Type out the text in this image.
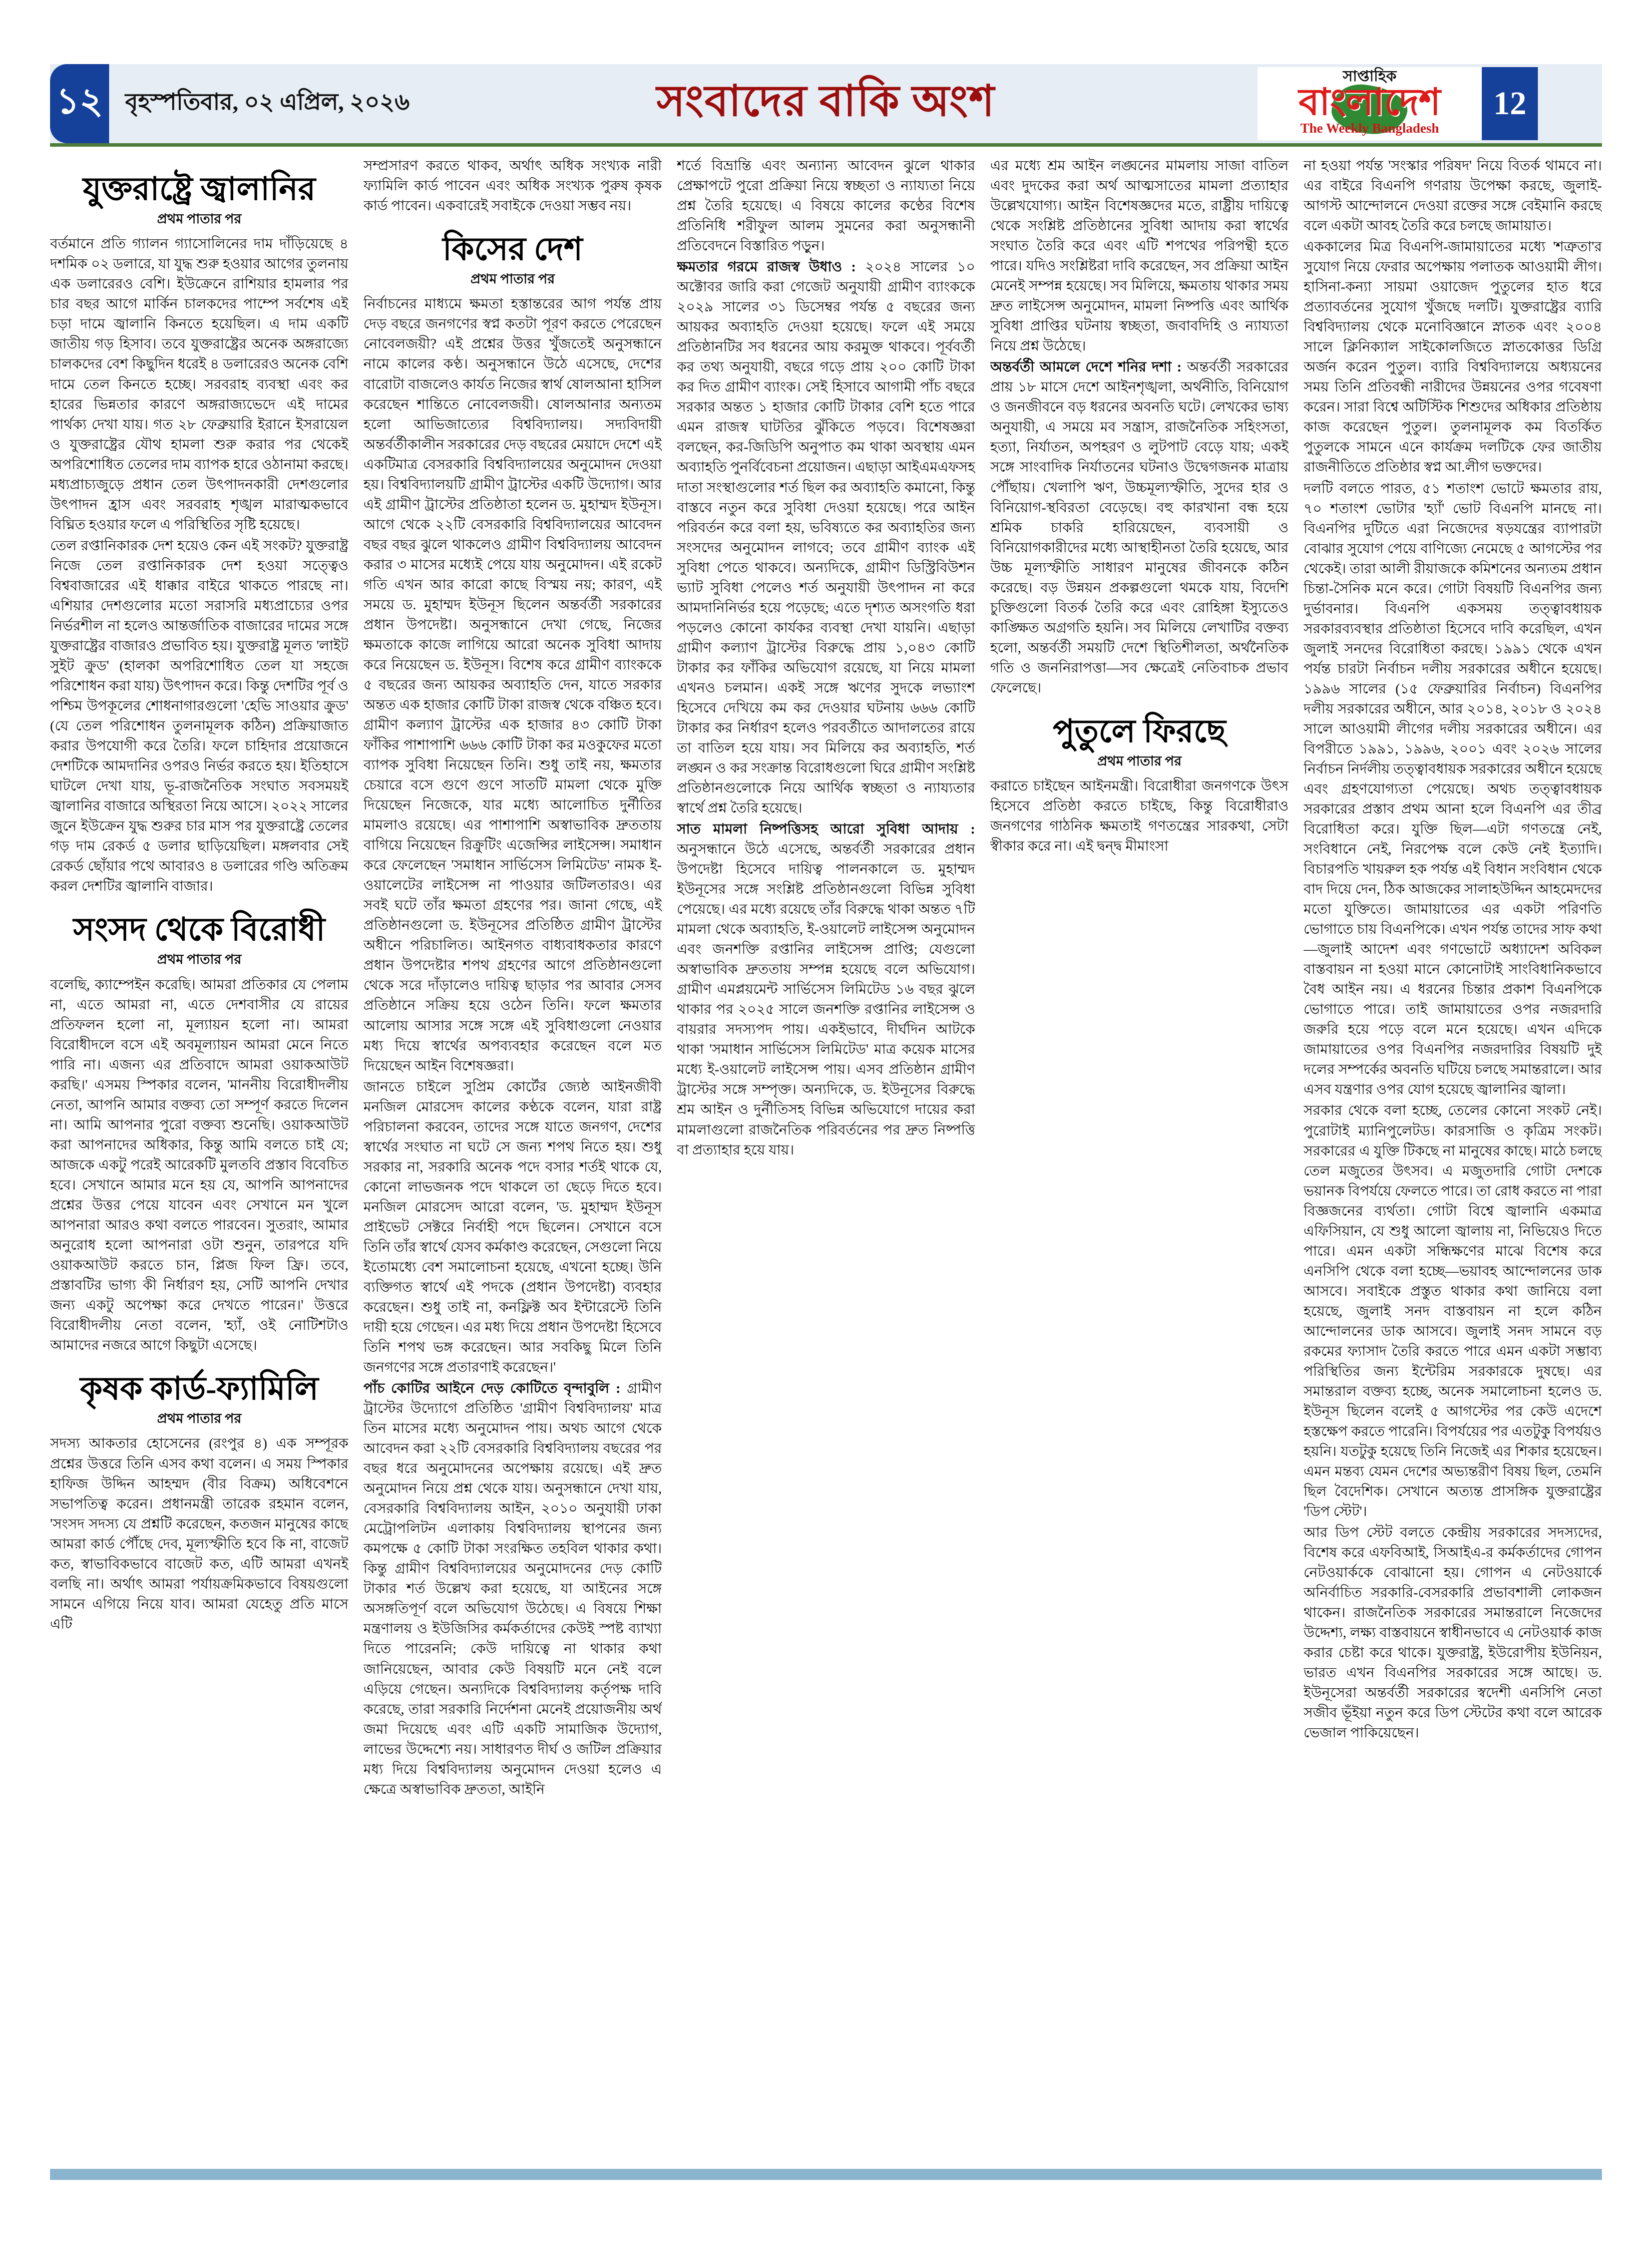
১২ বৃহস্পতিবার, ০২ এপ্রিল, ২০২৬	সংবাদের বাকি অংশ
সাপ্তাহিক
বাংলাদেশ
The Weekly Bangladesh
12
যুক্তরাষ্ট্রে জ্বালানির
প্রথম পাতার পর

বর্তমানে প্রতি গ্যালন গ্যাসোলিনের দাম দাঁড়িয়েছে ৪ দশমিক ০২ ডলারে, যা যুদ্ধ শুরু হওয়ার আগের তুলনায় এক ডলারেরও বেশি। ইউক্রেনে রাশিয়ার হামলার পর চার বছর আগে মার্কিন চালকদের পাম্পে সর্বশেষ এই চড়া দামে জ্বালানি কিনতে হয়েছিল। এ দাম একটি জাতীয় গড় হিসাব। তবে যুক্তরাষ্ট্রের অনেক অঙ্গরাজ্যে চালকদের বেশ কিছুদিন ধরেই ৪ ডলারেরও অনেক বেশি দামে তেল কিনতে হচ্ছে। সরবরাহ ব্যবস্থা এবং কর হারের ভিন্নতার কারণে অঙ্গরাজ্যভেদে এই দামের পার্থক্য দেখা যায়। গত ২৮ ফেব্রুয়ারি ইরানে ইসরায়েল ও যুক্তরাষ্ট্রের যৌথ হামলা শুরু করার পর থেকেই অপরিশোধিত তেলের দাম ব্যাপক হারে ওঠানামা করছে। মধ্যপ্রাচ্যজুড়ে প্রধান তেল উৎপাদনকারী দেশগুলোর উৎপাদন হ্রাস এবং সরবরাহ শৃঙ্খল মারাত্মকভাবে বিঘ্নিত হওয়ার ফলে এ পরিস্থিতির সৃষ্টি হয়েছে।

তেল রপ্তানিকারক দেশ হয়েও কেন এই সংকট? যুক্তরাষ্ট্র নিজে তেল রপ্তানিকারক দেশ হওয়া সত্ত্বেও বিশ্ববাজারের এই ধাক্কার বাইরে থাকতে পারছে না। এশিয়ার দেশগুলোর মতো সরাসরি মধ্যপ্রাচ্যের ওপর নির্ভরশীল না হলেও আন্তর্জাতিক বাজারের দামের সঙ্গে যুক্তরাষ্ট্রের বাজারও প্রভাবিত হয়। যুক্তরাষ্ট্র মূলত 'লাইট সুইট ক্রুড' (হালকা অপরিশোধিত তেল যা সহজে পরিশোধন করা যায়) উৎপাদন করে। কিন্তু দেশটির পূর্ব ও পশ্চিম উপকূলের শোধনাগারগুলো 'হেভি সাওয়ার ক্রুড' (যে তেল পরিশোধন তুলনামূলক কঠিন) প্রক্রিয়াজাত করার উপযোগী করে তৈরি। ফলে চাহিদার প্রয়োজনে দেশটিকে আমদানির ওপরও নির্ভর করতে হয়। ইতিহাসে ঘাটলে দেখা যায়, ভূ-রাজনৈতিক সংঘাত সবসময়ই জ্বালানির বাজারে অস্থিরতা নিয়ে আসে। ২০২২ সালের জুনে ইউক্রেন যুদ্ধ শুরুর চার মাস পর যুক্তরাষ্ট্রে তেলের গড় দাম রেকর্ড ৫ ডলার ছাড়িয়েছিল। মঙ্গলবার সেই রেকর্ড ছোঁয়ার পথে আবারও ৪ ডলারের গণ্ডি অতিক্রম করল দেশটির জ্বালানি বাজার।

সংসদ থেকে বিরোধী
প্রথম পাতার পর

বলেছি, ক্যাম্পেইন করেছি। আমরা প্রতিকার যে পেলাম না, এতে আমরা না, এতে দেশবাসীর যে রায়ের প্রতিফলন হলো না, মূল্যায়ন হলো না। আমরা বিরোধীদলে বসে এই অবমূল্যায়ন আমরা মেনে নিতে পারি না। এজন্য এর প্রতিবাদে আমরা ওয়াকআউট করছি।' এসময় স্পিকার বলেন, 'মাননীয় বিরোধীদলীয় নেতা, আপনি আমার বক্তব্য তো সম্পূর্ণ করতে দিলেন না। আমি আপনার পুরো বক্তব্য শুনেছি। ওয়াকআউট করা আপনাদের অধিকার, কিন্তু আমি বলতে চাই যে; আজকে একটু পরেই আরেকটি মুলতবি প্রস্তাব বিবেচিত হবে। সেখানে আমার মনে হয় যে, আপনি আপনাদের প্রশ্নের উত্তর পেয়ে যাবেন এবং সেখানে মন খুলে আপনারা আরও কথা বলতে পারবেন। সুতরাং, আমার অনুরোধ হলো আপনারা ওটা শুনুন, তারপরে যদি ওয়াকআউট করতে চান, প্লিজ ফিল ফ্রি। তবে, প্রস্তাবটির ভাগ্য কী নির্ধারণ হয়, সেটি আপনি দেখার জন্য একটু অপেক্ষা করে দেখতে পারেন।' উত্তরে বিরোধীদলীয় নেতা বলেন, 'হ্যাঁ, ওই নোটিশটাও আমাদের নজরে আগে কিছুটা এসেছে।

কৃষক কার্ড-ফ্যামিলি
প্রথম পাতার পর

সদস্য আকতার হোসেনের (রংপুর ৪) এক সম্পূরক প্রশ্নের উত্তরে তিনি এসব কথা বলেন। এ সময় স্পিকার হাফিজ উদ্দিন আহম্মদ (বীর বিক্রম) অধিবেশনে সভাপতিত্ব করেন। প্রধানমন্ত্রী তারেক রহমান বলেন, 'সংসদ সদস্য যে প্রশ্নটি করেছেন, কতজন মানুষের কাছে আমরা কার্ড পৌঁছে দেব, মূল্যস্ফীতি হবে কি না, বাজেট কত, স্বাভাবিকভাবে বাজেট কত, এটি আমরা এখনই বলছি না। অর্থাৎ আমরা পর্যায়ক্রমিকভাবে বিষয়গুলো সামনে এগিয়ে নিয়ে যাব। আমরা যেহেতু প্রতি মাসে এটি

সম্প্রসারণ করতে থাকব, অর্থাৎ অধিক সংখ্যক নারী ফ্যামিলি কার্ড পাবেন এবং অধিক সংখ্যক পুরুষ কৃষক কার্ড পাবেন। একবারেই সবাইকে দেওয়া সম্ভব নয়।

কিসের দেশ
প্রথম পাতার পর

নির্বাচনের মাধ্যমে ক্ষমতা হস্তান্তরের আগ পর্যন্ত প্রায় দেড় বছরে জনগণের স্বপ্ন কতটা পূরণ করতে পেরেছেন নোবেলজয়ী? এই প্রশ্নের উত্তর খুঁজতেই অনুসন্ধানে নামে কালের কণ্ঠ। অনুসন্ধানে উঠে এসেছে, দেশের বারোটা বাজলেও কার্যত নিজের স্বার্থ ষোলআনা হাসিল করেছেন শান্তিতে নোবেলজয়ী। ষোলআনার অন্যতম হলো আভিজাত্যের বিশ্ববিদ্যালয়। সদ্যবিদায়ী অন্তর্বর্তীকালীন সরকারের দেড় বছরের মেয়াদে দেশে এই একটিমাত্র বেসরকারি বিশ্ববিদ্যালয়ের অনুমোদন দেওয়া হয়। বিশ্ববিদ্যালয়টি গ্রামীণ ট্রাস্টের একটি উদ্যোগ। আর এই গ্রামীণ ট্রাস্টের প্রতিষ্ঠাতা হলেন ড. মুহাম্মদ ইউনূস। আগে থেকে ২২টি বেসরকারি বিশ্ববিদ্যালয়ের আবেদন বছর বছর ঝুলে থাকলেও গ্রামীণ বিশ্ববিদ্যালয় আবেদন করার ৩ মাসের মধ্যেই পেয়ে যায় অনুমোদন। এই রকেট গতি এখন আর কারো কাছে বিস্ময় নয়; কারণ, এই সময়ে ড. মুহাম্মদ ইউনূস ছিলেন অন্তর্বর্তী সরকারের প্রধান উপদেষ্টা। অনুসন্ধানে দেখা গেছে, নিজের ক্ষমতাকে কাজে লাগিয়ে আরো অনেক সুবিধা আদায় করে নিয়েছেন ড. ইউনূস। বিশেষ করে গ্রামীণ ব্যাংককে ৫ বছরের জন্য আয়কর অব্যাহতি দেন, যাতে সরকার অন্তত এক হাজার কোটি টাকা রাজস্ব থেকে বঞ্চিত হবে। গ্রামীণ কল্যাণ ট্রাস্টের এক হাজার ৪৩ কোটি টাকা ফাঁকির পাশাপাশি ৬৬৬ কোটি টাকা কর মওকুফের মতো ব্যাপক সুবিধা নিয়েছেন তিনি। শুধু তাই নয়, ক্ষমতার চেয়ারে বসে গুণে গুণে সাতটি মামলা থেকে মুক্তি দিয়েছেন নিজেকে, যার মধ্যে আলোচিত দুর্নীতির মামলাও রয়েছে। এর পাশাপাশি অস্বাভাবিক দ্রুততায় বাগিয়ে নিয়েছেন রিক্রুটিং এজেন্সির লাইসেন্স। সমাধান করে ফেলেছেন 'সমাধান সার্ভিসেস লিমিটেড' নামক ই-ওয়ালেটের লাইসেন্স না পাওয়ার জটিলতারও। এর সবই ঘটে তাঁর ক্ষমতা গ্রহণের পর। জানা গেছে, এই প্রতিষ্ঠানগুলো ড. ইউনূসের প্রতিষ্ঠিত গ্রামীণ ট্রাস্টের অধীনে পরিচালিত। আইনগত বাধ্যবাধকতার কারণে প্রধান উপদেষ্টার শপথ গ্রহণের আগে প্রতিষ্ঠানগুলো থেকে সরে দাঁড়ালেও দায়িত্ব ছাড়ার পর আবার সেসব প্রতিষ্ঠানে সক্রিয় হয়ে ওঠেন তিনি। ফলে ক্ষমতার আলোয় আসার সঙ্গে সঙ্গে এই সুবিধাগুলো নেওয়ার মধ্য দিয়ে স্বার্থের অপব্যবহার করেছেন বলে মত দিয়েছেন আইন বিশেষজ্ঞরা।

জানতে চাইলে সুপ্রিম কোর্টের জ্যেষ্ঠ আইনজীবী মনজিল মোরসেদ কালের কণ্ঠকে বলেন, যারা রাষ্ট্র পরিচালনা করবেন, তাদের সঙ্গে যাতে জনগণ, দেশের স্বার্থের সংঘাত না ঘটে সে জন্য শপথ নিতে হয়। শুধু সরকার না, সরকারি অনেক পদে বসার শর্তই থাকে যে, কোনো লাভজনক পদে থাকলে তা ছেড়ে দিতে হবে। মনজিল মোরসেদ আরো বলেন, 'ড. মুহাম্মদ ইউনূস প্রাইভেট সেক্টরে নির্বাহী পদে ছিলেন। সেখানে বসে তিনি তাঁর স্বার্থে যেসব কর্মকাণ্ড করেছেন, সেগুলো নিয়ে ইতোমধ্যে বেশ সমালোচনা হয়েছে, এখনো হচ্ছে। উনি ব্যক্তিগত স্বার্থে এই পদকে (প্রধান উপদেষ্টা) ব্যবহার করেছেন। শুধু তাই না, কনফ্লিক্ট অব ইন্টারেস্টে তিনি দায়ী হয়ে গেছেন। এর মধ্য দিয়ে প্রধান উপদেষ্টা হিসেবে তিনি শপথ ভঙ্গ করেছেন। আর সবকিছু মিলে তিনি জনগণের সঙ্গে প্রতারণাই করেছেন।'

পাঁচ কোটির আইনে দেড় কোটিতে বৃন্দাবুলি : গ্রামীণ ট্রাস্টের উদ্যোগে প্রতিষ্ঠিত 'গ্রামীণ বিশ্ববিদ্যালয়' মাত্র তিন মাসের মধ্যে অনুমোদন পায়। অথচ আগে থেকে আবেদন করা ২২টি বেসরকারি বিশ্ববিদ্যালয় বছরের পর বছর ধরে অনুমোদনের অপেক্ষায় রয়েছে। এই দ্রুত অনুমোদন নিয়ে প্রশ্ন থেকে যায়। অনুসন্ধানে দেখা যায়, বেসরকারি বিশ্ববিদ্যালয় আইন, ২০১০ অনুযায়ী ঢাকা মেট্রোপলিটন এলাকায় বিশ্ববিদ্যালয় স্থাপনের জন্য কমপক্ষে ৫ কোটি টাকা সংরক্ষিত তহবিল থাকার কথা। কিন্তু গ্রামীণ বিশ্ববিদ্যালয়ের অনুমোদনের দেড় কোটি টাকার শর্ত উল্লেখ করা হয়েছে, যা আইনের সঙ্গে অসঙ্গতিপূর্ণ বলে অভিযোগ উঠেছে। এ বিষয়ে শিক্ষা মন্ত্রণালয় ও ইউজিসির কর্মকর্তাদের কেউই স্পষ্ট ব্যাখ্যা দিতে পারেননি; কেউ দায়িত্বে না থাকার কথা জানিয়েছেন, আবার কেউ বিষয়টি মনে নেই বলে এড়িয়ে গেছেন। অন্যদিকে বিশ্ববিদ্যালয় কর্তৃপক্ষ দাবি করেছে, তারা সরকারি নির্দেশনা মেনেই প্রয়োজনীয় অর্থ জমা দিয়েছে এবং এটি একটি সামাজিক উদ্যোগ, লাভের উদ্দেশ্যে নয়। সাধারণত দীর্ঘ ও জটিল প্রক্রিয়ার মধ্য দিয়ে বিশ্ববিদ্যালয় অনুমোদন দেওয়া হলেও এ ক্ষেত্রে অস্বাভাবিক দ্রুততা, আইনি

শর্তে বিভ্রান্তি এবং অন্যান্য আবেদন ঝুলে থাকার প্রেক্ষাপটে পুরো প্রক্রিয়া নিয়ে স্বচ্ছতা ও ন্যায্যতা নিয়ে প্রশ্ন তৈরি হয়েছে। এ বিষয়ে কালের কণ্ঠের বিশেষ প্রতিনিধি শরীফুল আলম সুমনের করা অনুসন্ধানী প্রতিবেদনে বিস্তারিত পড়ুন।

ক্ষমতার গরমে রাজস্ব উধাও : ২০২৪ সালের ১০ অক্টোবর জারি করা গেজেট অনুযায়ী গ্রামীণ ব্যাংককে ২০২৯ সালের ৩১ ডিসেম্বর পর্যন্ত ৫ বছরের জন্য আয়কর অব্যাহতি দেওয়া হয়েছে। ফলে এই সময়ে প্রতিষ্ঠানটির সব ধরনের আয় করমুক্ত থাকবে। পূর্ববর্তী কর তথ্য অনুযায়ী, বছরে গড়ে প্রায় ২০০ কোটি টাকা কর দিত গ্রামীণ ব্যাংক। সেই হিসাবে আগামী পাঁচ বছরে সরকার অন্তত ১ হাজার কোটি টাকার বেশি হতে পারে এমন রাজস্ব ঘাটতির ঝুঁকিতে পড়বে। বিশেষজ্ঞরা বলছেন, কর-জিডিপি অনুপাত কম থাকা অবস্থায় এমন অব্যাহতি পুনর্বিবেচনা প্রয়োজন। এছাড়া আইএমএফসহ দাতা সংস্থাগুলোর শর্ত ছিল কর অব্যাহতি কমানো, কিন্তু বাস্তবে নতুন করে সুবিধা দেওয়া হয়েছে। পরে আইন পরিবর্তন করে বলা হয়, ভবিষ্যতে কর অব্যাহতির জন্য সংসদের অনুমোদন লাগবে; তবে গ্রামীণ ব্যাংক এই সুবিধা পেতে থাকবে। অন্যদিকে, গ্রামীণ ডিস্ট্রিবিউশন ভ্যাট সুবিধা পেলেও শর্ত অনুযায়ী উৎপাদন না করে আমদানিনির্ভর হয়ে পড়েছে; এতে দৃশ্যত অসংগতি ধরা পড়লেও কোনো কার্যকর ব্যবস্থা দেখা যায়নি। এছাড়া গ্রামীণ কল্যাণ ট্রাস্টের বিরুদ্ধে প্রায় ১,০৪৩ কোটি টাকার কর ফাঁকির অভিযোগ রয়েছে, যা নিয়ে মামলা এখনও চলমান। একই সঙ্গে ঋণের সুদকে লভ্যাংশ হিসেবে দেখিয়ে কম কর দেওয়ার ঘটনায় ৬৬৬ কোটি টাকার কর নির্ধারণ হলেও পরবর্তীতে আদালতের রায়ে তা বাতিল হয়ে যায়। সব মিলিয়ে কর অব্যাহতি, শর্ত লঙ্ঘন ও কর সংক্রান্ত বিরোধগুলো ঘিরে গ্রামীণ সংশ্লিষ্ট প্রতিষ্ঠানগুলোকে নিয়ে আর্থিক স্বচ্ছতা ও ন্যায্যতার স্বার্থে প্রশ্ন তৈরি হয়েছে।

সাত মামলা নিষ্পত্তিসহ আরো সুবিধা আদায় : অনুসন্ধানে উঠে এসেছে, অন্তর্বর্তী সরকারের প্রধান উপদেষ্টা হিসেবে দায়িত্ব পালনকালে ড. মুহাম্মদ ইউনূসের সঙ্গে সংশ্লিষ্ট প্রতিষ্ঠানগুলো বিভিন্ন সুবিধা পেয়েছে। এর মধ্যে রয়েছে তাঁর বিরুদ্ধে থাকা অন্তত ৭টি মামলা থেকে অব্যাহতি, ই-ওয়ালেট লাইসেন্স অনুমোদন এবং জনশক্তি রপ্তানির লাইসেন্স প্রাপ্তি; যেগুলো অস্বাভাবিক দ্রুততায় সম্পন্ন হয়েছে বলে অভিযোগ। গ্রামীণ এমপ্লয়মেন্ট সার্ভিসেস লিমিটেড ১৬ বছর ঝুলে থাকার পর ২০২৫ সালে জনশক্তি রপ্তানির লাইসেন্স ও বায়রার সদস্যপদ পায়। একইভাবে, দীর্ঘদিন আটকে থাকা 'সমাধান সার্ভিসেস লিমিটেড' মাত্র কয়েক মাসের মধ্যে ই-ওয়ালেট লাইসেন্স পায়। এসব প্রতিষ্ঠান গ্রামীণ ট্রাস্টের সঙ্গে সম্পৃক্ত। অন্যদিকে, ড. ইউনূসের বিরুদ্ধে শ্রম আইন ও দুর্নীতিসহ বিভিন্ন অভিযোগে দায়ের করা মামলাগুলো রাজনৈতিক পরিবর্তনের পর দ্রুত নিষ্পত্তি বা প্রত্যাহার হয়ে যায়।

এর মধ্যে শ্রম আইন লঙ্ঘনের মামলায় সাজা বাতিল এবং দুদকের করা অর্থ আত্মসাতের মামলা প্রত্যাহার উল্লেখযোগ্য। আইন বিশেষজ্ঞদের মতে, রাষ্ট্রীয় দায়িত্বে থেকে সংশ্লিষ্ট প্রতিষ্ঠানের সুবিধা আদায় করা স্বার্থের সংঘাত তৈরি করে এবং এটি শপথের পরিপন্থী হতে পারে। যদিও সংশ্লিষ্টরা দাবি করেছেন, সব প্রক্রিয়া আইন মেনেই সম্পন্ন হয়েছে। সব মিলিয়ে, ক্ষমতায় থাকার সময় দ্রুত লাইসেন্স অনুমোদন, মামলা নিষ্পত্তি এবং আর্থিক সুবিধা প্রাপ্তির ঘটনায় স্বচ্ছতা, জবাবদিহি ও ন্যায্যতা নিয়ে প্রশ্ন উঠেছে।

অন্তর্বর্তী আমলে দেশে শনির দশা : অন্তর্বর্তী সরকারের প্রায় ১৮ মাসে দেশে আইনশৃঙ্খলা, অর্থনীতি, বিনিয়োগ ও জনজীবনে বড় ধরনের অবনতি ঘটে। লেখকের ভাষ্য অনুযায়ী, এ সময়ে মব সন্ত্রাস, রাজনৈতিক সহিংসতা, হত্যা, নির্যাতন, অপহরণ ও লুটপাট বেড়ে যায়; একই সঙ্গে সাংবাদিক নির্যাতনের ঘটনাও উদ্বেগজনক মাত্রায় পৌঁছায়। খেলাপি ঋণ, উচ্চমূল্যস্ফীতি, সুদের হার ও বিনিয়োগ-স্থবিরতা বেড়েছে। বহু কারখানা বন্ধ হয়ে শ্রমিক চাকরি হারিয়েছেন, ব্যবসায়ী ও বিনিয়োগকারীদের মধ্যে আস্থাহীনতা তৈরি হয়েছে, আর উচ্চ মূল্যস্ফীতি সাধারণ মানুষের জীবনকে কঠিন করেছে। বড় উন্নয়ন প্রকল্পগুলো থমকে যায়, বিদেশি চুক্তিগুলো বিতর্ক তৈরি করে এবং রোহিঙ্গা ইস্যুতেও কাঙ্ক্ষিত অগ্রগতি হয়নি। সব মিলিয়ে লেখাটির বক্তব্য হলো, অন্তর্বর্তী সময়টি দেশে স্থিতিশীলতা, অর্থনৈতিক গতি ও জননিরাপত্তা—সব ক্ষেত্রেই নেতিবাচক প্রভাব ফেলেছে।

পুতুলে ফিরছে
প্রথম পাতার পর

করাতে চাইছেন আইনমন্ত্রী। বিরোধীরা জনগণকে উৎস হিসেবে প্রতিষ্ঠা করতে চাইছে, কিন্তু বিরোধীরাও জনগণের গাঠনিক ক্ষমতাই গণতন্ত্রের সারকথা, সেটা স্বীকার করে না। এই দ্বন্দ্ব মীমাংসা

না হওয়া পর্যন্ত 'সংস্কার পরিষদ' নিয়ে বিতর্ক থামবে না। এর বাইরে বিএনপি গণরায় উপেক্ষা করছে, জুলাই-আগস্ট আন্দোলনে দেওয়া রক্তের সঙ্গে বেইমানি করছে বলে একটা আবহ তৈরি করে চলছে জামায়াত।

এককালের মিত্র বিএনপি-জামায়াতের মধ্যে 'শত্রুতা'র সুযোগ নিয়ে ফেরার অপেক্ষায় পলাতক আওয়ামী লীগ। হাসিনা-কন্যা সায়মা ওয়াজেদ পুতুলের হাত ধরে প্রত্যাবর্তনের সুযোগ খুঁজছে দলটি। যুক্তরাষ্ট্রের ব্যারি বিশ্ববিদ্যালয় থেকে মনোবিজ্ঞানে স্নাতক এবং ২০০৪ সালে ক্লিনিক্যাল সাইকোলজিতে স্নাতকোত্তর ডিগ্রি অর্জন করেন পুতুল। ব্যারি বিশ্ববিদ্যালয়ে অধ্যয়নের সময় তিনি প্রতিবন্ধী নারীদের উন্নয়নের ওপর গবেষণা করেন। সারা বিশ্বে অটিস্টিক শিশুদের অধিকার প্রতিষ্ঠায় কাজ করেছেন পুতুল। তুলনামূলক কম বিতর্কিত পুতুলকে সামনে এনে কার্যক্রম দলটিকে ফের জাতীয় রাজনীতিতে প্রতিষ্ঠার স্বপ্ন আ.লীগ ভক্তদের।

দলটি বলতে পারত, ৫১ শতাংশ ভোটে ক্ষমতার রায়, ৭০ শতাংশ ভোটার 'হ্যাঁ' ভোট বিএনপি মানছে না। বিএনপির দুটিতে এরা নিজেদের ষড়যন্ত্রের ব্যাপারটা বোঝার সুযোগ পেয়ে বাণিজ্যে নেমেছে ৫ আগস্টের পর থেকেই। তারা আলী রীয়াজকে কমিশনের অন্যতম প্রধান চিন্তা-সৈনিক মনে করে। গোটা বিষয়টি বিএনপির জন্য দুর্ভাবনার। বিএনপি একসময় তত্ত্বাবধায়ক সরকারব্যবস্থার প্রতিষ্ঠাতা হিসেবে দাবি করেছিল, এখন জুলাই সনদের বিরোধিতা করছে। ১৯৯১ থেকে এখন পর্যন্ত চারটা নির্বাচন দলীয় সরকারের অধীনে হয়েছে। ১৯৯৬ সালের (১৫ ফেব্রুয়ারির নির্বাচন) বিএনপির দলীয় সরকারের অধীনে, আর ২০১৪, ২০১৮ ও ২০২৪ সালে আওয়ামী লীগের দলীয় সরকারের অধীনে। এর বিপরীতে ১৯৯১, ১৯৯৬, ২০০১ এবং ২০২৬ সালের নির্বাচন নির্দলীয় তত্ত্বাবধায়ক সরকারের অধীনে হয়েছে এবং গ্রহণযোগ্যতা পেয়েছে। অথচ তত্ত্বাবধায়ক সরকারের প্রস্তাব প্রথম আনা হলে বিএনপি এর তীব্র বিরোধিতা করে। যুক্তি ছিল—এটা গণতন্ত্রে নেই, সংবিধানে নেই, নিরপেক্ষ বলে কেউ নেই ইত্যাদি। বিচারপতি খায়রুল হক পর্যন্ত এই বিধান সংবিধান থেকে বাদ দিয়ে দেন, ঠিক আজকের সালাহউদ্দিন আহমেদদের মতো যুক্তিতে। জামায়াতের এর একটা পরিণতি ভোগাতে চায় বিএনপিকে। এখন পর্যন্ত তাদের সাফ কথা—জুলাই আদেশ এবং গণভোটে অধ্যাদেশ অবিকল বাস্তবায়ন না হওয়া মানে কোনোটাই সাংবিধানিকভাবে বৈধ আইন নয়। এ ধরনের চিন্তার প্রকাশ বিএনপিকে ভোগাতে পারে। তাই জামায়াতের ওপর নজরদারি জরুরি হয়ে পড়ে বলে মনে হয়েছে। এখন এদিকে জামায়াতের ওপর বিএনপির নজরদারির বিষয়টি দুই দলের সম্পর্কের অবনতি ঘটিয়ে চলছে সমান্তরালে। আর এসব যন্ত্রণার ওপর যোগ হয়েছে জ্বালানির জ্বালা।

সরকার থেকে বলা হচ্ছে, তেলের কোনো সংকট নেই। পুরোটাই ম্যানিপুলেটড। কারসাজি ও কৃত্রিম সংকট। সরকারের এ যুক্তি টিকছে না মানুষের কাছে। মাঠে চলছে তেল মজুতের উৎসব। এ মজুতদারি গোটা দেশকে ভয়ানক বিপর্যয়ে ফেলতে পারে। তা রোধ করতে না পারা বিজ্ঞজনের ব্যর্থতা। গোটা বিশ্বে জ্বালানি একমাত্র এফিসিয়ান, যে শুধু আলো জ্বালায় না, নিভিয়েও দিতে পারে। এমন একটা সন্ধিক্ষণের মাঝে বিশেষ করে এনসিপি থেকে বলা হচ্ছে—ভয়াবহ আন্দোলনের ডাক আসবে। সবাইকে প্রস্তুত থাকার কথা জানিয়ে বলা হয়েছে, জুলাই সনদ বাস্তবায়ন না হলে কঠিন আন্দোলনের ডাক আসবে। জুলাই সনদ সামনে বড় রকমের ফ্যাসাদ তৈরি করতে পারে এমন একটা সম্ভাব্য পরিস্থিতির জন্য ইন্টেরিম সরকারকে দুষছে। এর সমান্তরাল বক্তব্য হচ্ছে, অনেক সমালোচনা হলেও ড. ইউনূস ছিলেন বলেই ৫ আগস্টের পর কেউ এদেশে হস্তক্ষেপ করতে পারেনি। বিপর্যয়ের পর এতটুকু বিপর্যয়ও হয়নি। যতটুকু হয়েছে তিনি নিজেই এর শিকার হয়েছেন। এমন মন্তব্য যেমন দেশের অভ্যন্তরীণ বিষয় ছিল, তেমনি ছিল বৈদেশিক। সেখানে অত্যন্ত প্রাসঙ্গিক যুক্তরাষ্ট্রের 'ডিপ স্টেট'।

আর ডিপ স্টেট বলতে কেন্দ্রীয় সরকারের সদস্যদের, বিশেষ করে এফবিআই, সিআইএ-র কর্মকর্তাদের গোপন নেটওয়ার্ককে বোঝানো হয়। গোপন এ নেটওয়ার্কে অনির্বাচিত সরকারি-বেসরকারি প্রভাবশালী লোকজন থাকেন। রাজনৈতিক সরকারের সমান্তরালে নিজেদের উদ্দেশ্য, লক্ষ্য বাস্তবায়নে স্বাধীনভাবে এ নেটওয়ার্ক কাজ করার চেষ্টা করে থাকে। যুক্তরাষ্ট্র, ইউরোপীয় ইউনিয়ন, ভারত এখন বিএনপির সরকারের সঙ্গে আছে। ড. ইউনূসেরা অন্তর্বর্তী সরকারের স্বদেশী এনসিপি নেতা সজীব ভূঁইয়া নতুন করে ডিপ স্টেটের কথা বলে আরেক ভেজাল পাকিয়েছেন।
